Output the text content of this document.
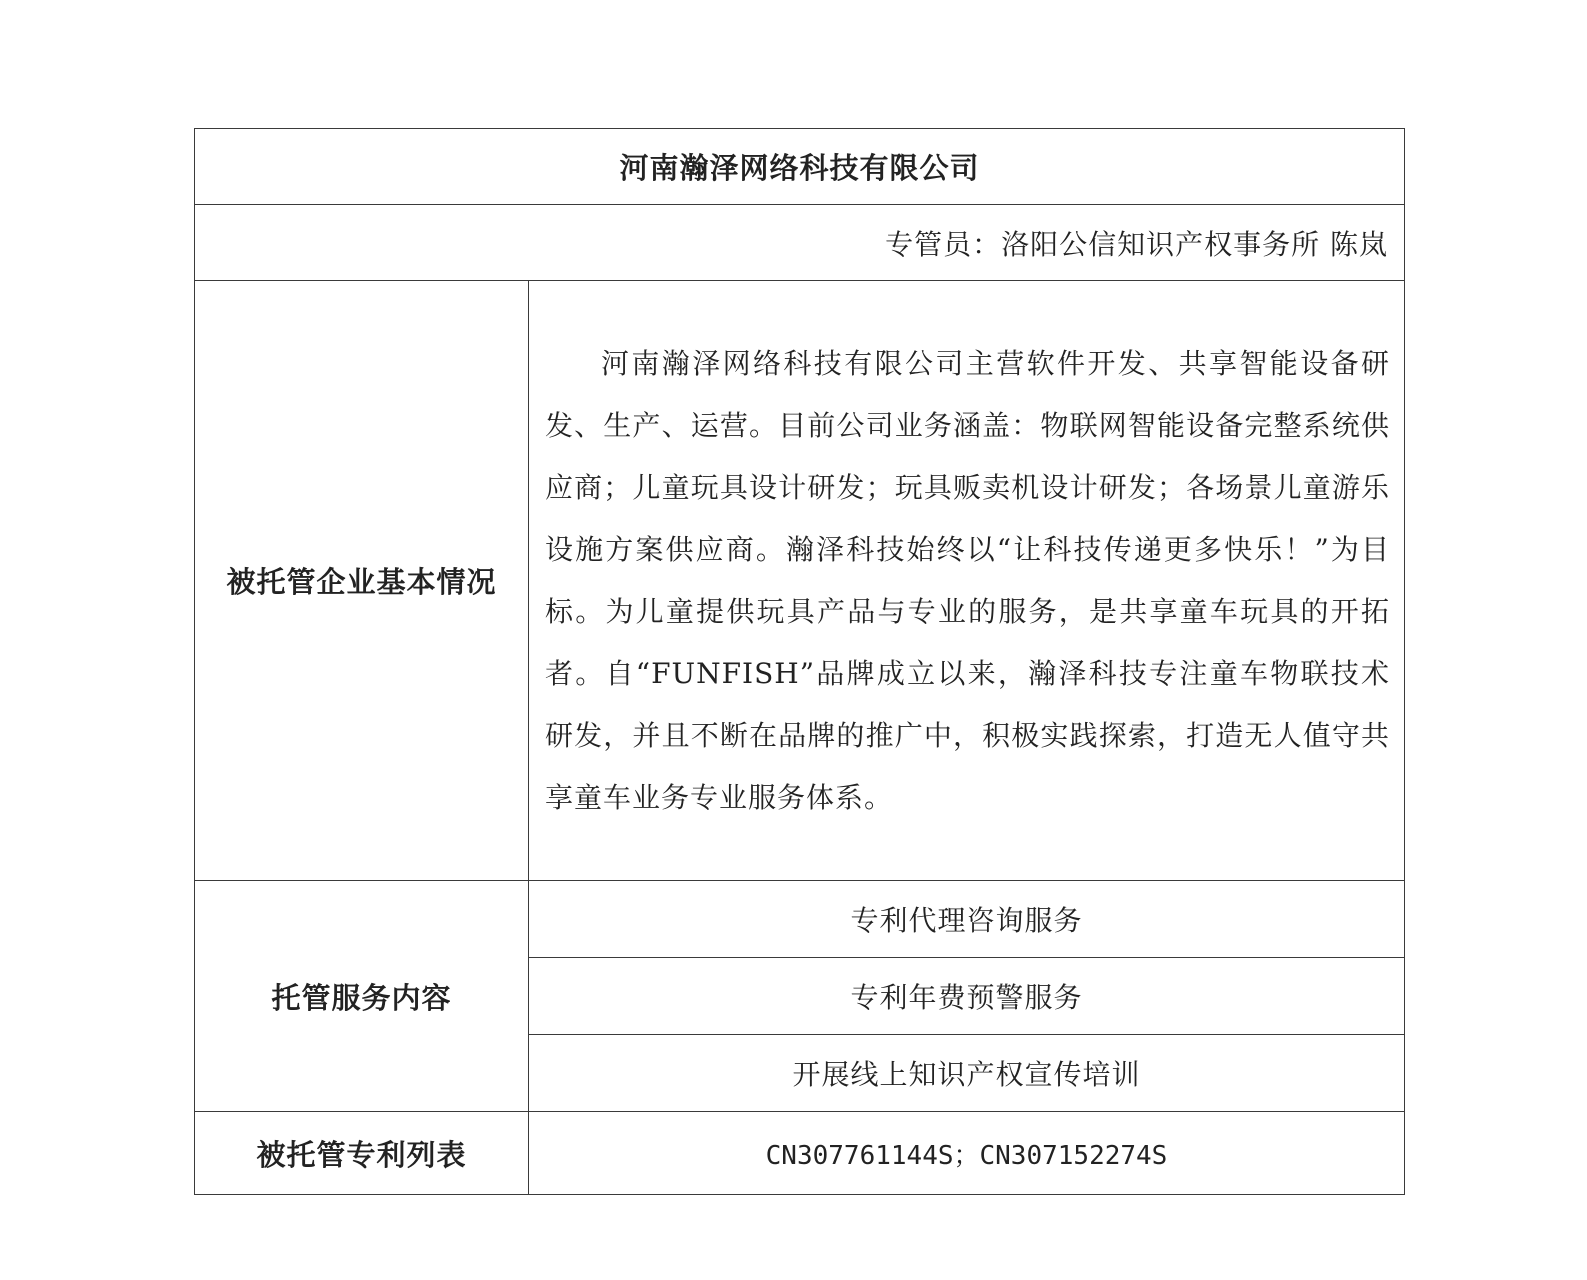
河南瀚泽网络科技有限公司	
专管员：洛阳公信知识产权事务所 陈岚	
被托管企业基本情况	河南瀚泽网络科技有限公司主营软件开发、共享智能设备研发、生产、运营。目前公司业务涵盖：物联网智能设备完整系统供应商；儿童玩具设计研发；玩具贩卖机设计研发；各场景儿童游乐设施方案供应商。瀚泽科技始终以“让科技传递更多快乐！”为目标。为儿童提供玩具产品与专业的服务，是共享童车玩具的开拓者。自“FUNFISH”品牌成立以来，瀚泽科技专注童车物联技术研发，并且不断在品牌的推广中，积极实践探索，打造无人值守共享童车业务专业服务体系。
托管服务内容	专利代理咨询服务
	专利年费预警服务
	开展线上知识产权宣传培训
被托管专利列表	CN307761144S；CN307152274S
